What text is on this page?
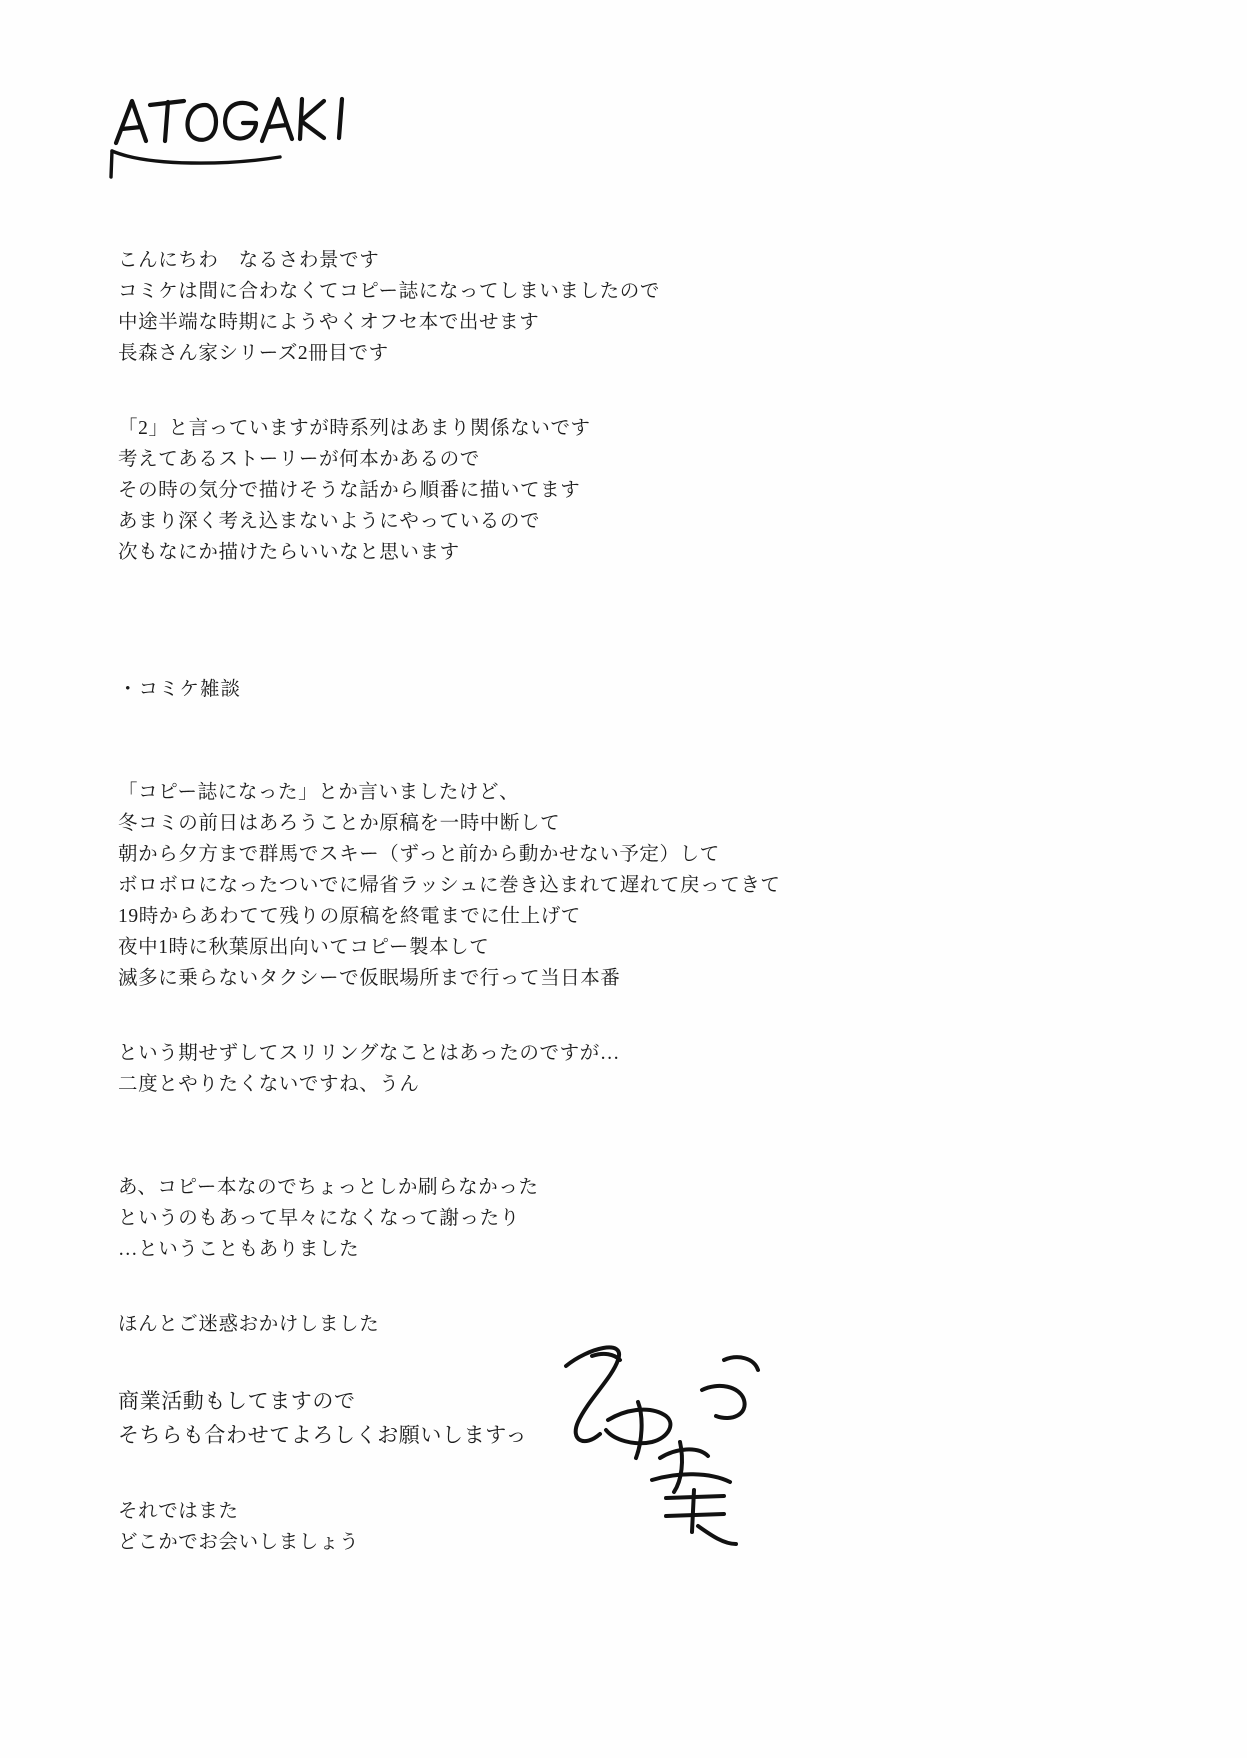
こんにちわ　なるさわ景です
コミケは間に合わなくてコピー誌になってしまいましたので
中途半端な時期にようやくオフセ本で出せます
長森さん家シリーズ2冊目です
「2」と言っていますが時系列はあまり関係ないです
考えてあるストーリーが何本かあるので
その時の気分で描けそうな話から順番に描いてます
あまり深く考え込まないようにやっているので
次もなにか描けたらいいなと思います
・コミケ雑談
「コピー誌になった」とか言いましたけど、
冬コミの前日はあろうことか原稿を一時中断して
朝から夕方まで群馬でスキー（ずっと前から動かせない予定）して
ボロボロになったついでに帰省ラッシュに巻き込まれて遅れて戻ってきて
19時からあわてて残りの原稿を終電までに仕上げて
夜中1時に秋葉原出向いてコピー製本して
滅多に乗らないタクシーで仮眠場所まで行って当日本番
という期せずしてスリリングなことはあったのですが…
二度とやりたくないですね、うん
あ、コピー本なのでちょっとしか刷らなかった
というのもあって早々になくなって謝ったり
…ということもありました
ほんとご迷惑おかけしました
商業活動もしてますので
そちらも合わせてよろしくお願いしますっ
それではまた
どこかでお会いしましょう
